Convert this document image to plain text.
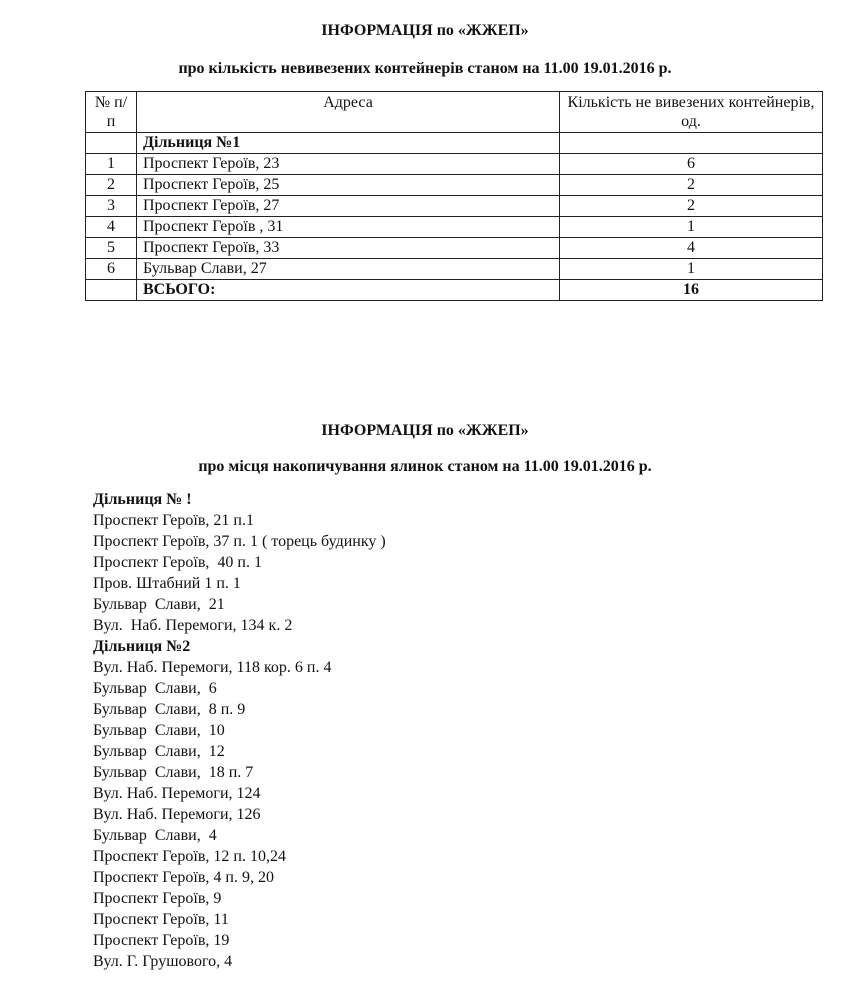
ІНФОРМАЦІЯ по «ЖЖЕП»
про кількість невивезених контейнерів станом на 11.00 19.01.2016 р.
№ п/п	Адреса	Кількість не вивезених контейнерів, од.
	Дільниця №1	
1	Проспект Героїв, 23	6
2	Проспект Героїв, 25	2
3	Проспект Героїв, 27	2
4	Проспект Героїв , 31	1
5	Проспект Героїв, 33	4
6	Бульвар Слави, 27	1
	ВСЬОГО:	16
ІНФОРМАЦІЯ по «ЖЖЕП»
про місця накопичування ялинок станом на 11.00 19.01.2016 р.
Дільниця № !
Проспект Героїв, 21 п.1
Проспект Героїв, 37 п. 1 ( торець будинку )
Проспект Героїв,  40 п. 1
Пров. Штабний 1 п. 1
Бульвар  Слави,  21
Вул.  Наб. Перемоги, 134 к. 2
Дільниця №2
Вул. Наб. Перемоги, 118 кор. 6 п. 4
Бульвар  Слави,  6
Бульвар  Слави,  8 п. 9
Бульвар  Слави,  10
Бульвар  Слави,  12
Бульвар  Слави,  18 п. 7
Вул. Наб. Перемоги, 124
Вул. Наб. Перемоги, 126
Бульвар  Слави,  4
Проспект Героїв, 12 п. 10,24
Проспект Героїв, 4 п. 9, 20
Проспект Героїв, 9
Проспект Героїв, 11
Проспект Героїв, 19
Вул. Г. Грушового, 4
